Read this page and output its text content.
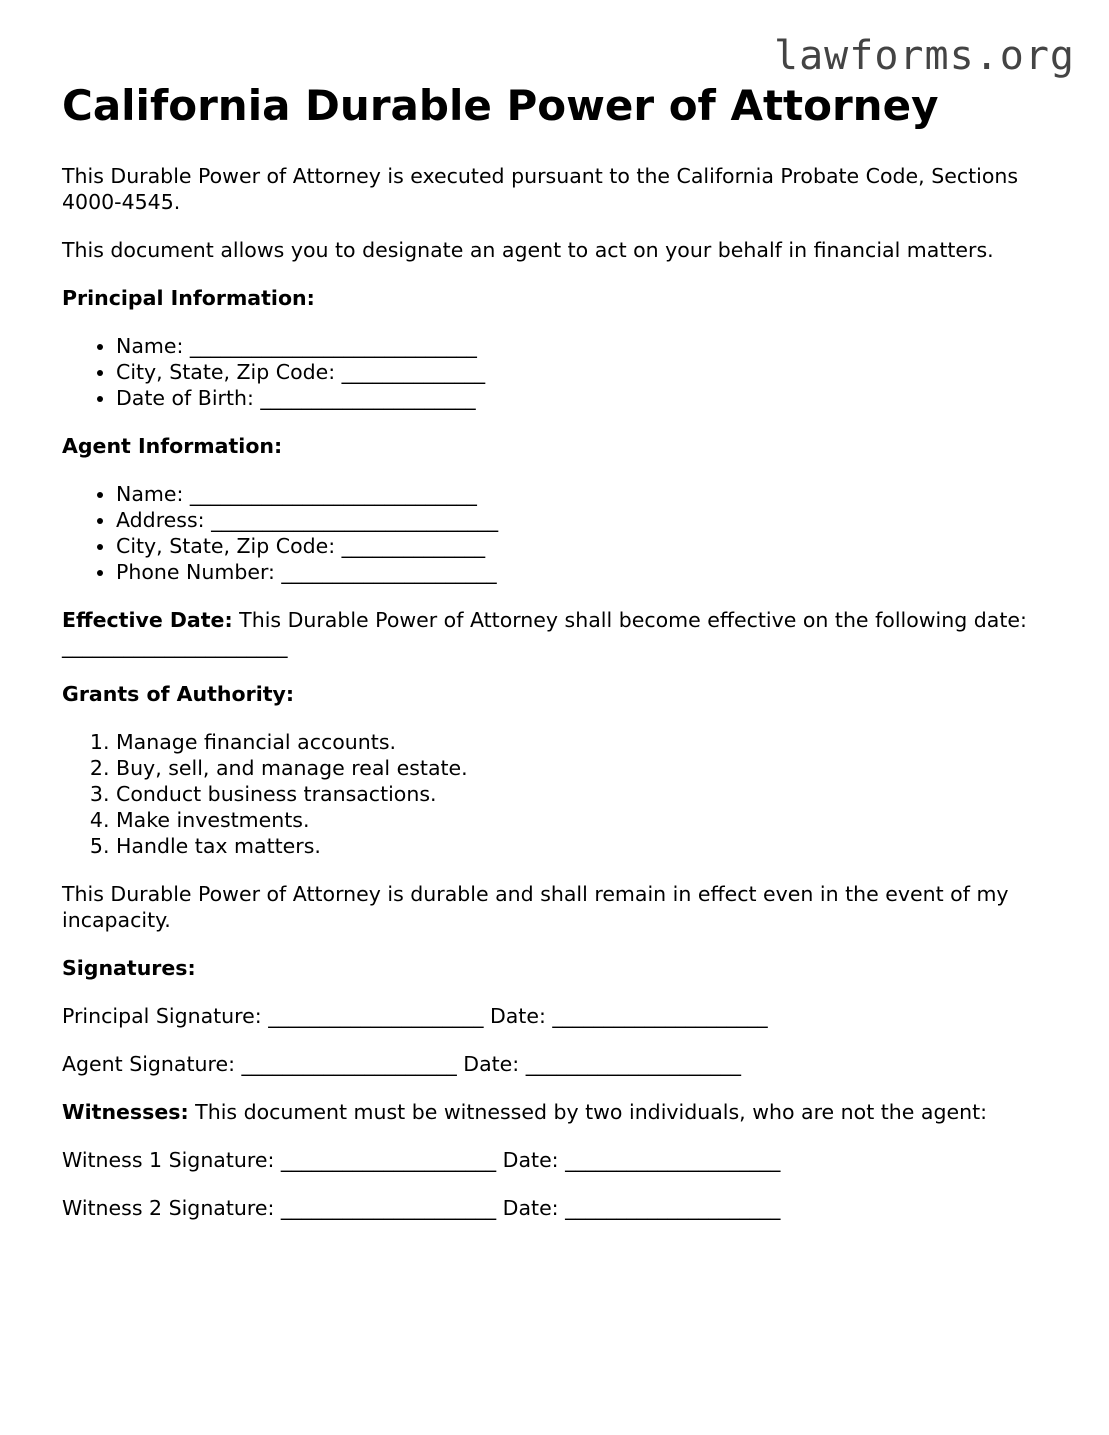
lawforms.org
California Durable Power of Attorney

This Durable Power of Attorney is executed pursuant to the California Probate Code, Sections 4000-4545.

This document allows you to designate an agent to act on your behalf in financial matters.

Principal Information:

• Name: ____________________________
• City, State, Zip Code: ______________
• Date of Birth: _____________________

Agent Information:

• Name: ____________________________
• Address: ____________________________
• City, State, Zip Code: ______________
• Phone Number: _____________________

Effective Date: This Durable Power of Attorney shall become effective on the following date: ______________________

Grants of Authority:

1. Manage financial accounts.
2. Buy, sell, and manage real estate.
3. Conduct business transactions.
4. Make investments.
5. Handle tax matters.

This Durable Power of Attorney is durable and shall remain in effect even in the event of my incapacity.

Signatures:

Principal Signature: _____________________ Date: _____________________

Agent Signature: _____________________ Date: _____________________

Witnesses: This document must be witnessed by two individuals, who are not the agent:

Witness 1 Signature: _____________________ Date: _____________________

Witness 2 Signature: _____________________ Date: _____________________
